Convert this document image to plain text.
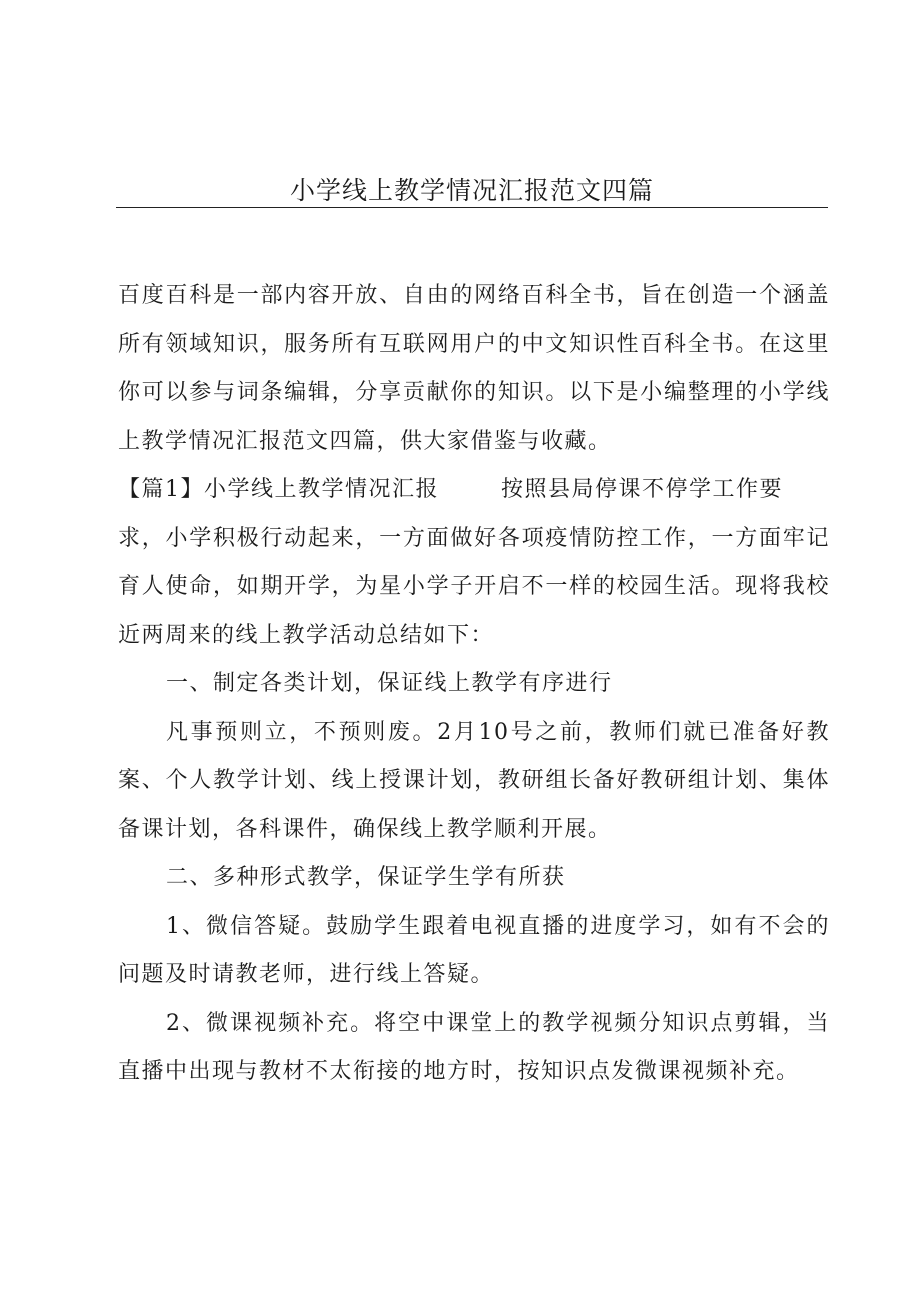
小学线上教学情况汇报范文四篇

百度百科是一部内容开放、自由的网络百科全书，旨在创造一个涵盖所有领域知识，服务所有互联网用户的中文知识性百科全书。在这里你可以参与词条编辑，分享贡献你的知识。以下是小编整理的小学线上教学情况汇报范文四篇，供大家借鉴与收藏。

【篇1】小学线上教学情况汇报	按照县局停课不停学工作要

求，小学积极行动起来，一方面做好各项疫情防控工作，一方面牢记育人使命，如期开学，为星小学子开启不一样的校园生活。现将我校近两周来的线上教学活动总结如下：

一、制定各类计划，保证线上教学有序进行

凡事预则立，不预则废。2月10号之前，教师们就已准备好教案、个人教学计划、线上授课计划，教研组长备好教研组计划、集体备课计划，各科课件，确保线上教学顺利开展。

二、多种形式教学，保证学生学有所获

1、微信答疑。鼓励学生跟着电视直播的进度学习，如有不会的问题及时请教老师，进行线上答疑。

2、微课视频补充。将空中课堂上的教学视频分知识点剪辑，当直播中出现与教材不太衔接的地方时，按知识点发微课视频补充。
